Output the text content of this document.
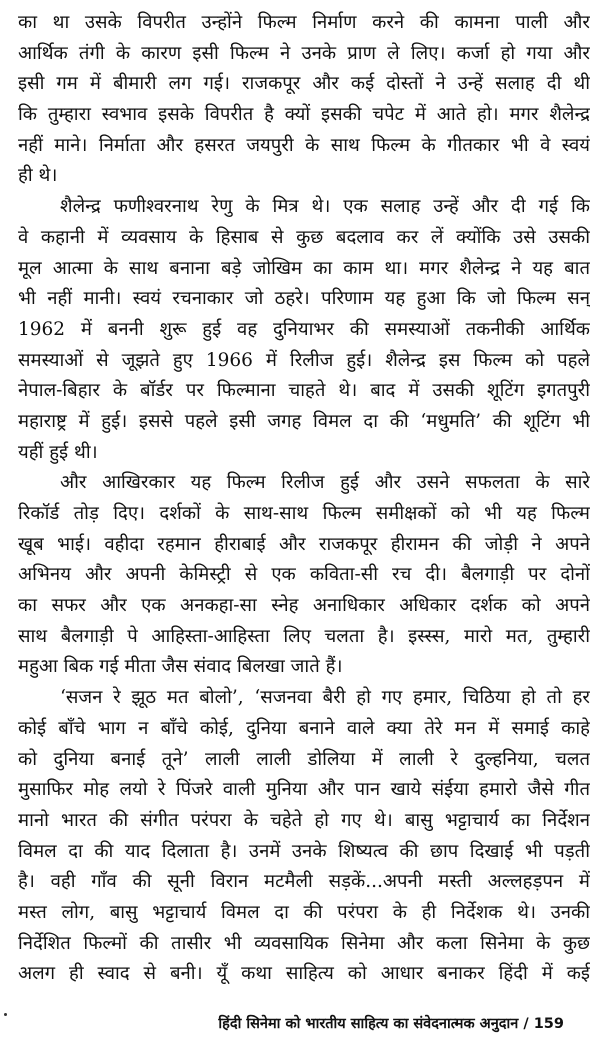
का था उसके विपरीत उन्होंने फिल्म निर्माण करने की कामना पाली और
आर्थिक तंगी के कारण इसी फिल्म ने उनके प्राण ले लिए। कर्जा हो गया और
इसी गम में बीमारी लग गई। राजकपूर और कई दोस्तों ने उन्हें सलाह दी थी
कि तुम्हारा स्वभाव इसके विपरीत है क्यों इसकी चपेट में आते हो। मगर शैलेन्द्र
नहीं माने। निर्माता और हसरत जयपुरी के साथ फिल्म के गीतकार भी वे स्वयं
ही थे।
शैलेन्द्र फणीश्वरनाथ रेणु के मित्र थे। एक सलाह उन्हें और दी गई कि
वे कहानी में व्यवसाय के हिसाब से कुछ बदलाव कर लें क्योंकि उसे उसकी
मूल आत्मा के साथ बनाना बड़े जोखिम का काम था। मगर शैलेन्द्र ने यह बात
भी नहीं मानी। स्वयं रचनाकार जो ठहरे। परिणाम यह हुआ कि जो फिल्म सन्
1962 में बननी शुरू हुई वह दुनियाभर की समस्याओं तकनीकी आर्थिक
समस्याओं से जूझते हुए 1966 में रिलीज हुई। शैलेन्द्र इस फिल्म को पहले
नेपाल-बिहार के बॉर्डर पर फिल्माना चाहते थे। बाद में उसकी शूटिंग इगतपुरी
महाराष्ट्र में हुई। इससे पहले इसी जगह विमल दा की ‘मधुमति’ की शूटिंग भी
यहीं हुई थी।
और आखिरकार यह फिल्म रिलीज हुई और उसने सफलता के सारे
रिकॉर्ड तोड़ दिए। दर्शकों के साथ-साथ फिल्म समीक्षकों को भी यह फिल्म
खूब भाई। वहीदा रहमान हीराबाई और राजकपूर हीरामन की जोड़ी ने अपने
अभिनय और अपनी केमिस्ट्री से एक कविता-सी रच दी। बैलगाड़ी पर दोनों
का सफर और एक अनकहा-सा स्नेह अनाधिकार अधिकार दर्शक को अपने
साथ बैलगाड़ी पे आहिस्ता-आहिस्ता लिए चलता है। इस्स्स, मारो मत, तुम्हारी
महुआ बिक गई मीता जैस संवाद बिलखा जाते हैं।
‘सजन रे झूठ मत बोलो’, ‘सजनवा बैरी हो गए हमार, चिठिया हो तो हर
कोई बाँचे भाग न बाँचे कोई, दुनिया बनाने वाले क्या तेरे मन में समाई काहे
को दुनिया बनाई तूने’ लाली लाली डोलिया में लाली रे दुल्हनिया, चलत
मुसाफिर मोह लयो रे पिंजरे वाली मुनिया और पान खाये संईया हमारो जैसे गीत
मानो भारत की संगीत परंपरा के चहेते हो गए थे। बासु भट्टाचार्य का निर्देशन
विमल दा की याद दिलाता है। उनमें उनके शिष्यत्व की छाप दिखाई भी पड़ती
है। वही गाँव की सूनी विरान मटमैली सड़कें...अपनी मस्ती अल्लहड़पन में
मस्त लोग, बासु भट्टाचार्य विमल दा की परंपरा के ही निर्देशक थे। उनकी
निर्देशित फिल्मों की तासीर भी व्यवसायिक सिनेमा और कला सिनेमा के कुछ
अलग ही स्वाद से बनी। यूँ कथा साहित्य को आधार बनाकर हिंदी में कई
हिंदी सिनेमा को भारतीय साहित्य का संवेदनात्मक अनुदान / 159
